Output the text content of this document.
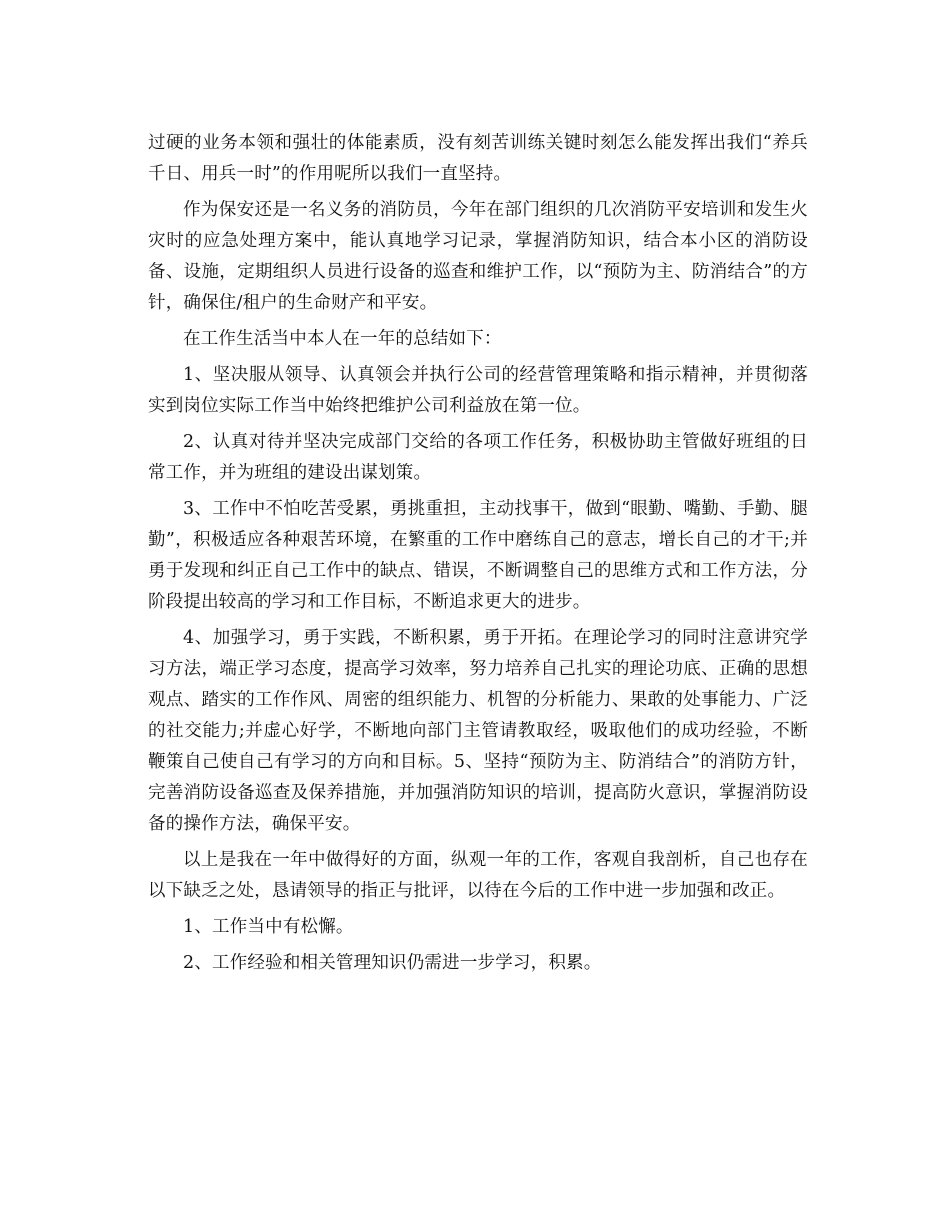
过硬的业务本领和强壮的体能素质，没有刻苦训练关键时刻怎么能发挥出我们“养兵千日、用兵一时”的作用呢所以我们一直坚持。

作为保安还是一名义务的消防员，今年在部门组织的几次消防平安培训和发生火灾时的应急处理方案中，能认真地学习记录，掌握消防知识，结合本小区的消防设备、设施，定期组织人员进行设备的巡查和维护工作，以“预防为主、防消结合”的方针，确保住/租户的生命财产和平安。

在工作生活当中本人在一年的总结如下：

1、坚决服从领导、认真领会并执行公司的经营管理策略和指示精神，并贯彻落实到岗位实际工作当中始终把维护公司利益放在第一位。

2、认真对待并坚决完成部门交给的各项工作任务，积极协助主管做好班组的日常工作，并为班组的建设出谋划策。

3、工作中不怕吃苦受累，勇挑重担，主动找事干，做到“眼勤、嘴勤、手勤、腿勤”，积极适应各种艰苦环境，在繁重的工作中磨练自己的意志，增长自己的才干;并勇于发现和纠正自己工作中的缺点、错误，不断调整自己的思维方式和工作方法，分阶段提出较高的学习和工作目标，不断追求更大的进步。

4、加强学习，勇于实践，不断积累，勇于开拓。在理论学习的同时注意讲究学习方法，端正学习态度，提高学习效率，努力培养自己扎实的理论功底、正确的思想观点、踏实的工作作风、周密的组织能力、机智的分析能力、果敢的处事能力、广泛的社交能力;并虚心好学，不断地向部门主管请教取经，吸取他们的成功经验，不断鞭策自己使自己有学习的方向和目标。5、坚持“预防为主、防消结合”的消防方针，完善消防设备巡查及保养措施，并加强消防知识的培训，提高防火意识，掌握消防设备的操作方法，确保平安。

以上是我在一年中做得好的方面，纵观一年的工作，客观自我剖析，自己也存在以下缺乏之处，恳请领导的指正与批评，以待在今后的工作中进一步加强和改正。

1、工作当中有松懈。

2、工作经验和相关管理知识仍需进一步学习，积累。
